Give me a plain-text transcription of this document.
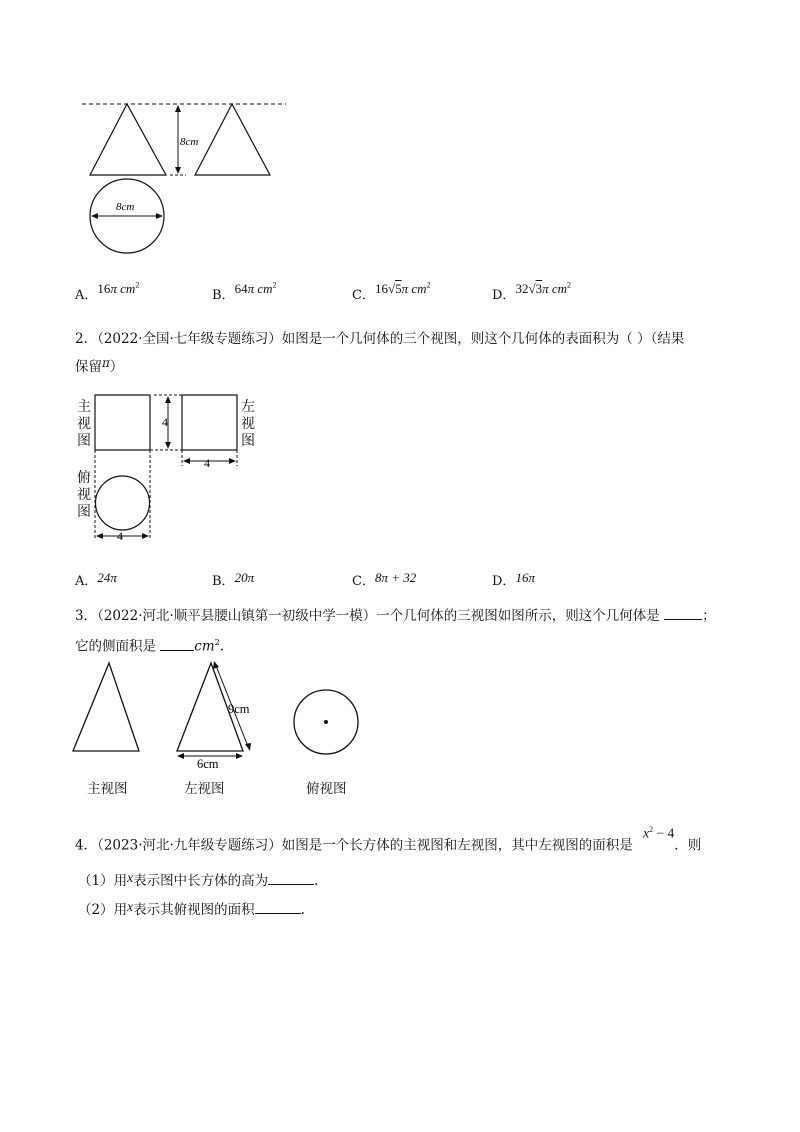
8cm
8cm
A．16π $cm^2$
B．64π $cm^2$
C．16√5π $cm^2$
D．32√3π $cm^2$
2．（2022·全国·七年级专题练习）如图是一个几何体的三个视图，则这个几何体的表面积为（ ）（结果
保留π）
主
视
图
左
视
图
俯
视
图
4
4
4
A．24π	B．20π	C．8π + 32	D．16π
3．（2022·河北·顺平县腰山镇第一初级中学一模）一个几何体的三视图如图所示，则这个几何体是	；
它的侧面积是	$cm^2$.
9cm
6cm
主视图	左视图	俯视图
4．（2023·河北·九年级专题练习）如图是一个长方体的主视图和左视图，其中左视图的面积是 $x^2 - 4$．则
（1）用x表示图中长方体的高为	.
（2）用x表示其俯视图的面积	.
